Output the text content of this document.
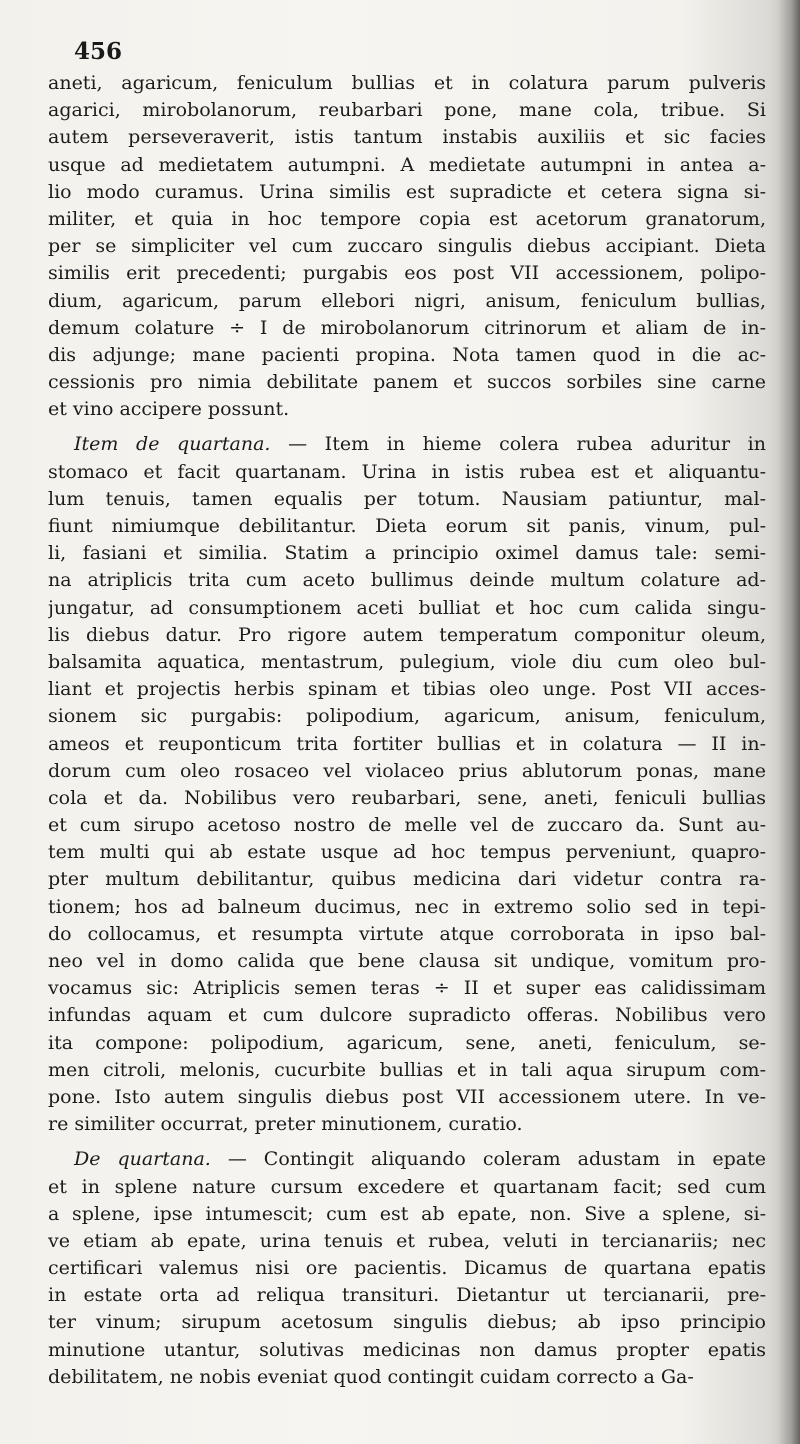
456
aneti, agaricum, feniculum bullias et in colatura parum pulveris
agarici, mirobolanorum, reubarbari pone, mane cola, tribue. Si
autem perseveraverit, istis tantum instabis auxiliis et sic facies
usque ad medietatem autumpni. A medietate autumpni in antea a-
lio modo curamus. Urina similis est supradicte et cetera signa si-
militer, et quia in hoc tempore copia est acetorum granatorum,
per se simpliciter vel cum zuccaro singulis diebus accipiant. Dieta
similis erit precedenti; purgabis eos post VII accessionem, polipo-
dium, agaricum, parum ellebori nigri, anisum, feniculum bullias,
demum colature ÷ I de mirobolanorum citrinorum et aliam de in-
dis adjunge; mane pacienti propina. Nota tamen quod in die ac-
cessionis pro nimia debilitate panem et succos sorbiles sine carne
et vino accipere possunt.
Item de quartana. — Item in hieme colera rubea aduritur in
stomaco et facit quartanam. Urina in istis rubea est et aliquantu-
lum tenuis, tamen equalis per totum. Nausiam patiuntur, mal-
fiunt nimiumque debilitantur. Dieta eorum sit panis, vinum, pul-
li, fasiani et similia. Statim a principio oximel damus tale: semi-
na atriplicis trita cum aceto bullimus deinde multum colature ad-
jungatur, ad consumptionem aceti bulliat et hoc cum calida singu-
lis diebus datur. Pro rigore autem temperatum componitur oleum,
balsamita aquatica, mentastrum, pulegium, viole diu cum oleo bul-
liant et projectis herbis spinam et tibias oleo unge. Post VII acces-
sionem sic purgabis: polipodium, agaricum, anisum, feniculum,
ameos et reuponticum trita fortiter bullias et in colatura — II in-
dorum cum oleo rosaceo vel violaceo prius ablutorum ponas, mane
cola et da. Nobilibus vero reubarbari, sene, aneti, feniculi bullias
et cum sirupo acetoso nostro de melle vel de zuccaro da. Sunt au-
tem multi qui ab estate usque ad hoc tempus perveniunt, quapro-
pter multum debilitantur, quibus medicina dari videtur contra ra-
tionem; hos ad balneum ducimus, nec in extremo solio sed in tepi-
do collocamus, et resumpta virtute atque corroborata in ipso bal-
neo vel in domo calida que bene clausa sit undique, vomitum pro-
vocamus sic: Atriplicis semen teras ÷ II et super eas calidissimam
infundas aquam et cum dulcore supradicto offeras. Nobilibus vero
ita compone: polipodium, agaricum, sene, aneti, feniculum, se-
men citroli, melonis, cucurbite bullias et in tali aqua sirupum com-
pone. Isto autem singulis diebus post VII accessionem utere. In ve-
re similiter occurrat, preter minutionem, curatio.
De quartana. — Contingit aliquando coleram adustam in epate
et in splene nature cursum excedere et quartanam facit; sed cum
a splene, ipse intumescit; cum est ab epate, non. Sive a splene, si-
ve etiam ab epate, urina tenuis et rubea, veluti in tercianariis; nec
certificari valemus nisi ore pacientis. Dicamus de quartana epatis
in estate orta ad reliqua transituri. Dietantur ut tercianarii, pre-
ter vinum; sirupum acetosum singulis diebus; ab ipso principio
minutione utantur, solutivas medicinas non damus propter epatis
debilitatem, ne nobis eveniat quod contingit cuidam correcto a Ga-
